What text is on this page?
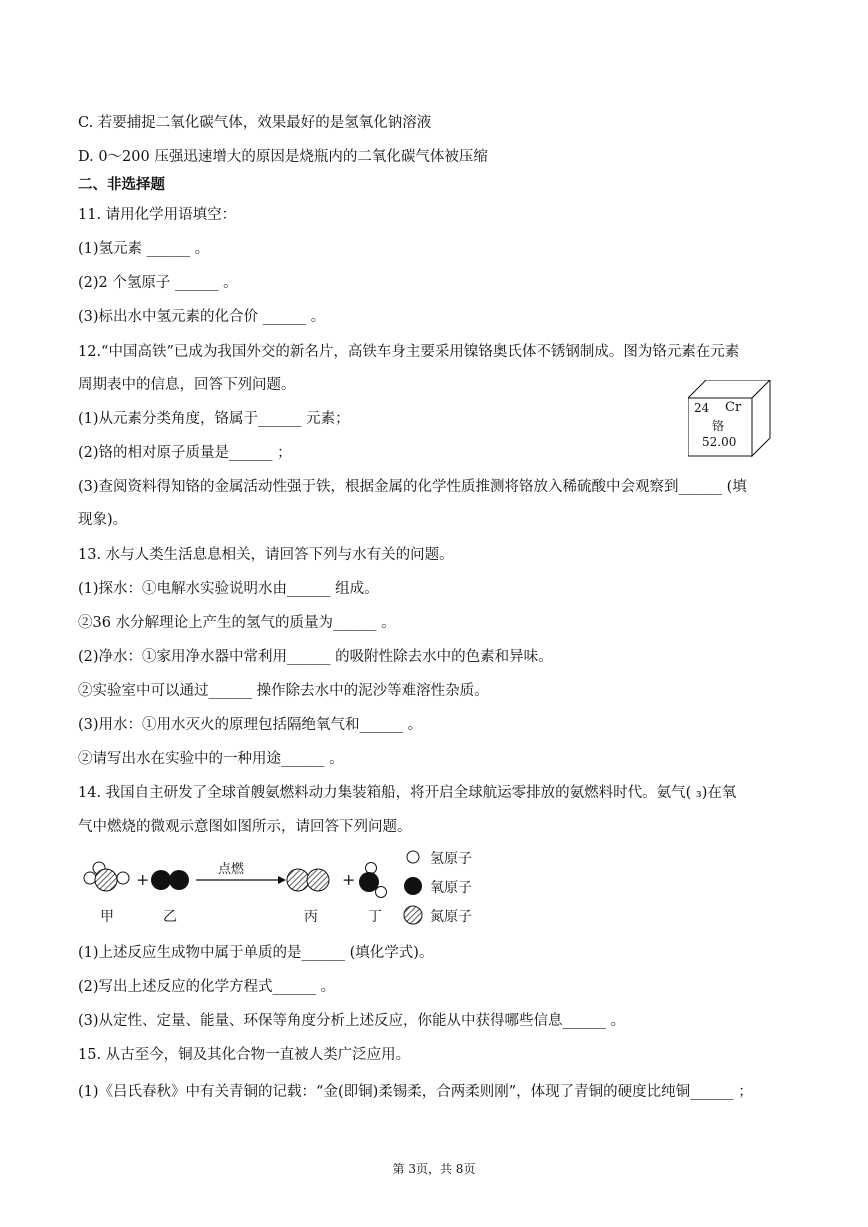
C. 若要捕捉二氧化碳气体，效果最好的是氢氧化钠溶液
D. 0～200 压强迅速增大的原因是烧瓶内的二氧化碳气体被压缩
二、非选择题
11. 请用化学用语填空：
(1)氢元素 ______ 。
(2)2 个氢原子 ______ 。
(3)标出水中氢元素的化合价 ______ 。
12.“中国高铁”已成为我国外交的新名片，高铁车身主要采用镍铬奥氏体不锈钢制成。图为铬元素在元素
周期表中的信息，回答下列问题。
(1)从元素分类角度，铬属于______ 元素；
(2)铬的相对原子质量是______ ；
(3)查阅资料得知铬的金属活动性强于铁，根据金属的化学性质推测将铬放入稀硫酸中会观察到______ (填
现象)。
13. 水与人类生活息息相关，请回答下列与水有关的问题。
(1)探水：①电解水实验说明水由______ 组成。
②36 水分解理论上产生的氢气的质量为______ 。
(2)净水：①家用净水器中常利用______ 的吸附性除去水中的色素和异味。
②实验室中可以通过______ 操作除去水中的泥沙等难溶性杂质。
(3)用水：①用水灭火的原理包括隔绝氧气和______ 。
②请写出水在实验中的一种用途______ 。
14. 我国自主研发了全球首艘氨燃料动力集装箱船，将开启全球航运零排放的氨燃料时代。氨气( ₃)在氧
气中燃烧的微观示意图如图所示，请回答下列问题。
24 Cr
铬
52.00
点燃
+	+
甲	乙	丙	丁
氢原子
氧原子
氮原子
(1)上述反应生成物中属于单质的是______ (填化学式)。
(2)写出上述反应的化学方程式______ 。
(3)从定性、定量、能量、环保等角度分析上述反应，你能从中获得哪些信息______ 。
15. 从古至今，铜及其化合物一直被人类广泛应用。
(1)《吕氏春秋》中有关青铜的记载：“金(即铜)柔锡柔，合两柔则刚”，体现了青铜的硬度比纯铜______ ；
第 3页，共 8页
